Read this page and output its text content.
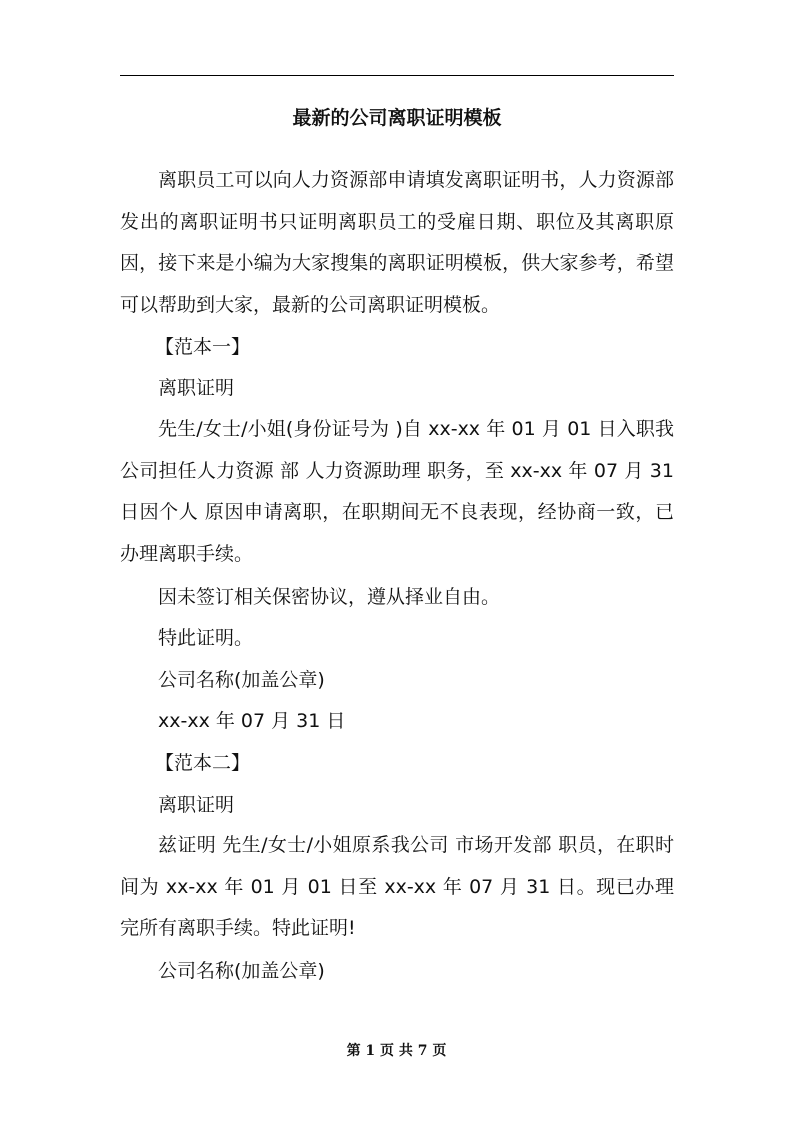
最新的公司离职证明模板

离职员工可以向人力资源部申请填发离职证明书，人力资源部发出的离职证明书只证明离职员工的受雇日期、职位及其离职原因，接下来是小编为大家搜集的离职证明模板，供大家参考，希望可以帮助到大家，最新的公司离职证明模板。

【范本一】
离职证明

先生/女士/小姐(身份证号为 )自 xx-xx 年 01 月 01 日入职我公司担任人力资源 部 人力资源助理 职务，至 xx-xx 年 07 月 31 日因个人 原因申请离职，在职期间无不良表现，经协商一致，已办理离职手续。

因未签订相关保密协议，遵从择业自由。
特此证明。
公司名称(加盖公章)
xx-xx 年 07 月 31 日
【范本二】
离职证明

兹证明 先生/女士/小姐原系我公司 市场开发部 职员，在职时间为 xx-xx 年 01 月 01 日至 xx-xx 年 07 月 31 日。现已办理完所有离职手续。特此证明!

公司名称(加盖公章)
第 1 页 共 7 页
